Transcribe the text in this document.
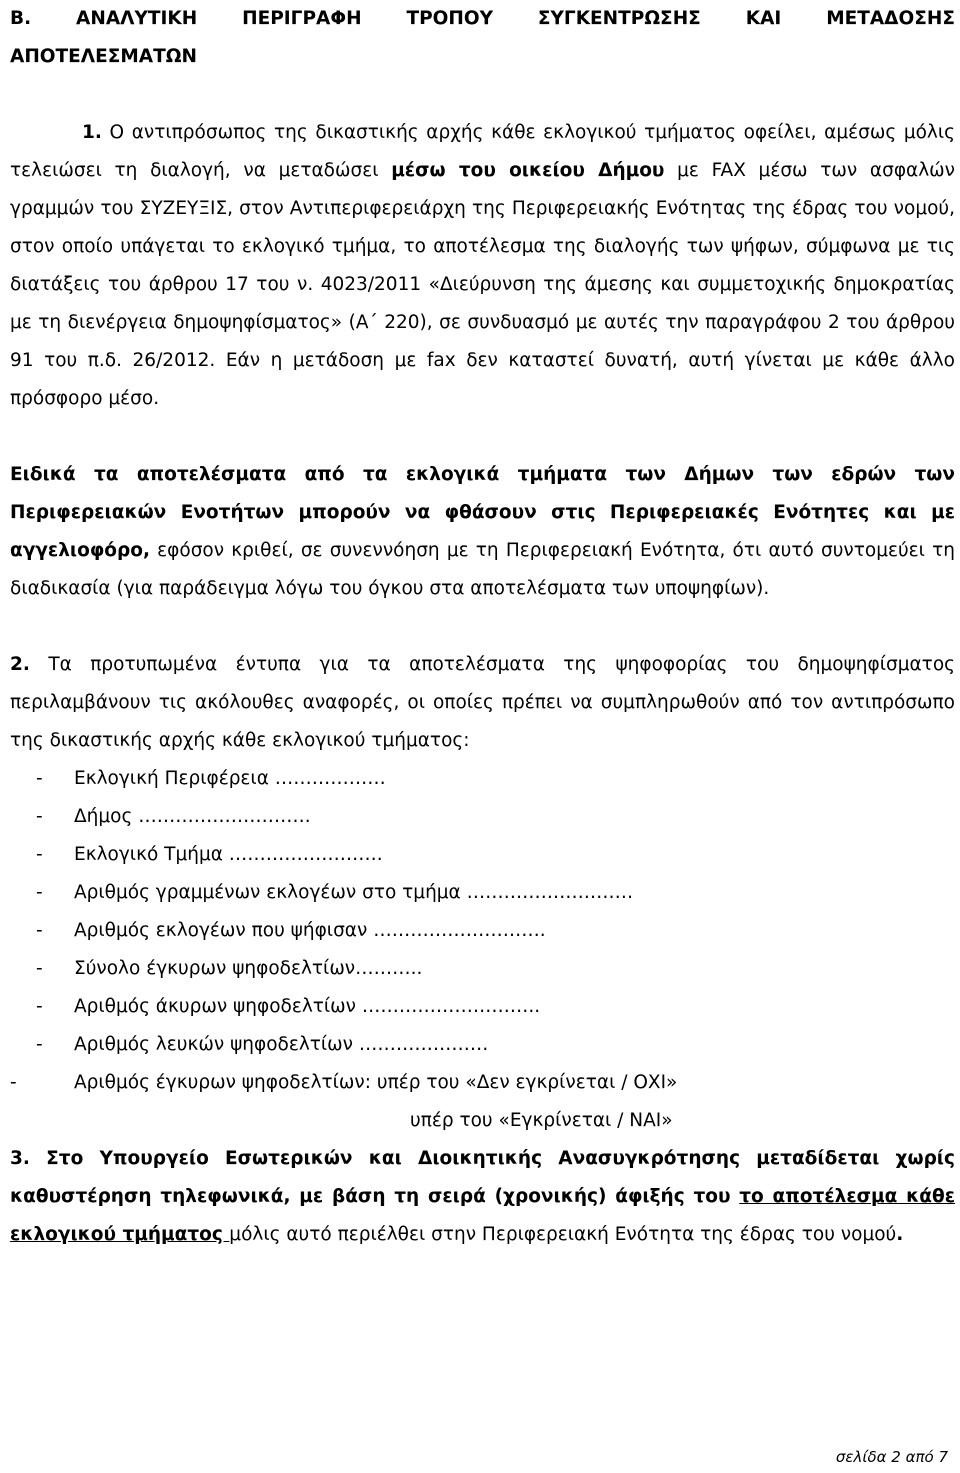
Β. ΑΝΑΛΥΤΙΚΗ ΠΕΡΙΓΡΑΦΗ ΤΡΟΠΟΥ ΣΥΓΚΕΝΤΡΩΣΗΣ ΚΑΙ ΜΕΤΑΔΟΣΗΣ
ΑΠΟΤΕΛΕΣΜΑΤΩΝ

1. Ο αντιπρόσωπος της δικαστικής αρχής κάθε εκλογικού τμήματος οφείλει, αμέσως μόλις τελειώσει τη διαλογή, να μεταδώσει μέσω του οικείου Δήμου με FAX μέσω των ασφαλών γραμμών του ΣΥΖΕΥΞΙΣ, στον Αντιπεριφερειάρχη της Περιφερειακής Ενότητας της έδρας του νομού, στον οποίο υπάγεται το εκλογικό τμήμα, το αποτέλεσμα της διαλογής των ψήφων, σύμφωνα με τις διατάξεις του άρθρου 17 του ν. 4023/2011 «Διεύρυνση της άμεσης και συμμετοχικής δημοκρατίας με τη διενέργεια δημοψηφίσματος» (Α΄ 220), σε συνδυασμό με αυτές την παραγράφου 2 του άρθρου 91 του π.δ. 26/2012. Εάν η μετάδοση με fax δεν καταστεί δυνατή, αυτή γίνεται με κάθε άλλο πρόσφορο μέσο.

Ειδικά τα αποτελέσματα από τα εκλογικά τμήματα των Δήμων των εδρών των Περιφερειακών Ενοτήτων μπορούν να φθάσουν στις Περιφερειακές Ενότητες και με αγγελιοφόρο, εφόσον κριθεί, σε συνεννόηση με τη Περιφερειακή Ενότητα, ότι αυτό συντομεύει τη διαδικασία (για παράδειγμα λόγω του όγκου στα αποτελέσματα των υποψηφίων).

2. Τα προτυπωμένα έντυπα για τα αποτελέσματα της ψηφοφορίας του δημοψηφίσματος περιλαμβάνουν τις ακόλουθες αναφορές, οι οποίες πρέπει να συμπληρωθούν από τον αντιπρόσωπο της δικαστικής αρχής κάθε εκλογικού τμήματος:

-	Εκλογική Περιφέρεια ………………
-	Δήμος ……………………….
-	Εκλογικό Τμήμα …………………….
-	Αριθμός γραμμένων εκλογέων στο τμήμα ………………………
-	Αριθμός εκλογέων που ψήφισαν ……………………….
-	Σύνολο έγκυρων ψηφοδελτίων………..
-	Αριθμός άκυρων ψηφοδελτίων ………………………..
-	Αριθμός λευκών ψηφοδελτίων …………………
-	Αριθμός έγκυρων ψηφοδελτίων: υπέρ του «Δεν εγκρίνεται / ΟΧΙ»
υπέρ του «Εγκρίνεται / ΝΑΙ»

3. Στο Υπουργείο Εσωτερικών και Διοικητικής Ανασυγκρότησης μεταδίδεται χωρίς καθυστέρηση τηλεφωνικά, με βάση τη σειρά (χρονικής) άφιξής του το αποτέλεσμα κάθε εκλογικού τμήματος μόλις αυτό περιέλθει στην Περιφερειακή Ενότητα της έδρας του νομού.

σελίδα 2 από 7
